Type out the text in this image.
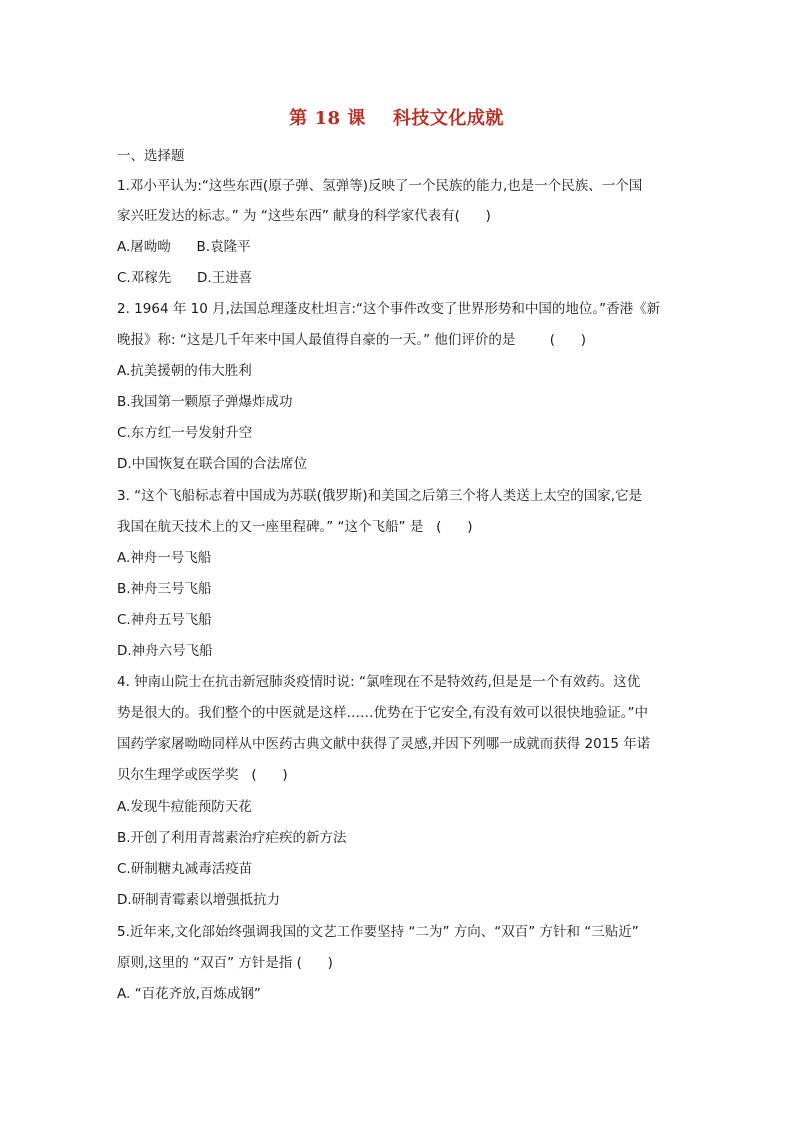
第 18 课    科技文化成就
一、选择题
1.邓小平认为:“这些东西(原子弹、氢弹等)反映了一个民族的能力,也是一个民族、一个国
家兴旺发达的标志。” 为 “这些东西” 献身的科学家代表有(      )
A.屠呦呦      B.袁隆平
C.邓稼先      D.王进喜
2. 1964 年 10 月,法国总理蓬皮杜坦言:“这个事件改变了世界形势和中国的地位。”香港《新
晚报》称: “这是几千年来中国人最值得自豪的一天。” 他们评价的是        (      )
A.抗美援朝的伟大胜利
B.我国第一颗原子弹爆炸成功
C.东方红一号发射升空
D.中国恢复在联合国的合法席位
3. “这个飞船标志着中国成为苏联(俄罗斯)和美国之后第三个将人类送上太空的国家,它是
我国在航天技术上的又一座里程碑。” “这个飞船” 是   (      )
A.神舟一号飞船
B.神舟三号飞船
C.神舟五号飞船
D.神舟六号飞船
4. 钟南山院士在抗击新冠肺炎疫情时说: “氯喹现在不是特效药,但是是一个有效药。这优
势是很大的。我们整个的中医就是这样……优势在于它安全,有没有效可以很快地验证。”中
国药学家屠呦呦同样从中医药古典文献中获得了灵感,并因下列哪一成就而获得 2015 年诺
贝尔生理学或医学奖   (      )
A.发现牛痘能预防天花
B.开创了利用青蒿素治疗疟疾的新方法
C.研制糖丸减毒活疫苗
D.研制青霉素以增强抵抗力
5.近年来,文化部始终强调我国的文艺工作要坚持 “二为” 方向、“双百” 方针和 “三贴近”
原则,这里的 “双百” 方针是指 (      )
A. “百花齐放,百炼成钢”
